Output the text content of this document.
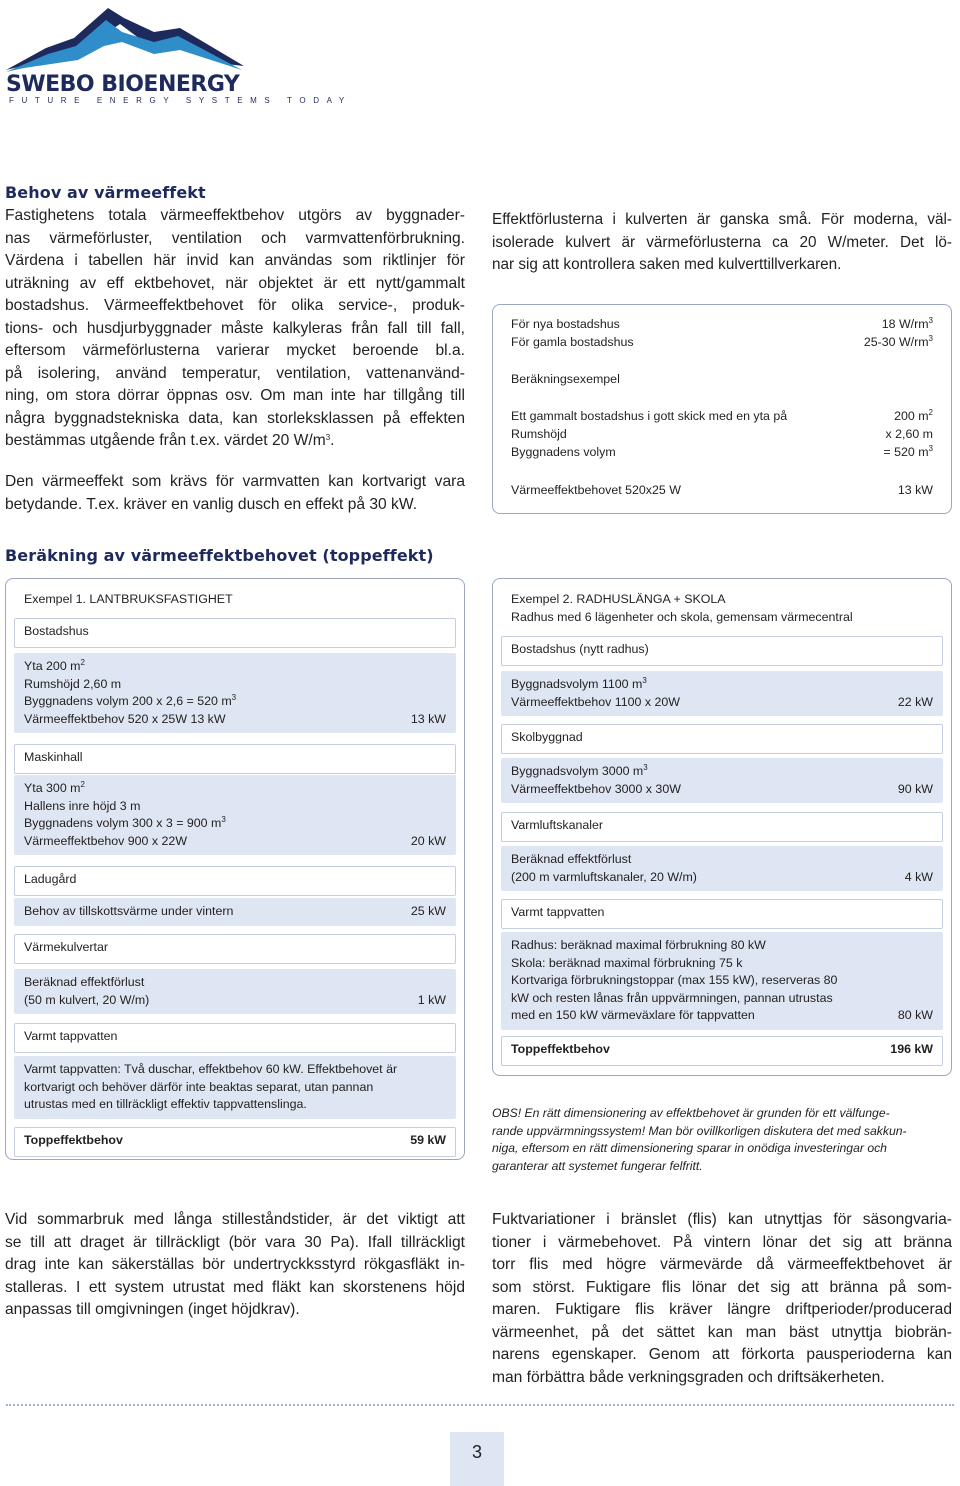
SWEBO BIOENERGY
FUTURE ENERGY SYSTEMS TODAY
Behov av värmeeffekt
Fastighetens totala värmeeffektbehov utgörs av byggnader-
nas värmeförluster, ventilation och varmvattenförbrukning.
Värdena i tabellen här invid kan användas som riktlinjer för
uträkning av eff ektbehovet, när objektet är ett nytt/gammalt
bostadshus. Värmeeffektbehovet för olika service-, produk-
tions- och husdjurbyggnader måste kalkyleras från fall till fall,
eftersom värmeförlusterna varierar mycket beroende bl.a.
på isolering, använd temperatur, ventilation, vattenanvänd-
ning, om stora dörrar öppnas osv. Om man inte har tillgång till
några byggnadstekniska data, kan storleksklassen på effekten
bestämmas utgående från t.ex. värdet 20 $W/m^3$.
Den värmeeffekt som krävs för varmvatten kan kortvarigt vara
betydande. T.ex. kräver en vanlig dusch en effekt på 30 kW.
Effektförlusterna i kulverten är ganska små. För moderna, väl-
isolerade kulvert är värmeförlusterna ca 20 W/meter. Det lö-
nar sig att kontrollera saken med kulverttillverkaren.
För nya bostadshus	18 $W/rm^3$
För gamla bostadshus	25-30 $W/rm^3$
Beräkningsexempel
Ett gammalt bostadshus i gott skick med en yta på	200 $m^2$
Rumshöjd	x 2,60 m
Byggnadens volym	= 520 $m^3$
Värmeeffektbehovet 520x25 W	13 kW
Beräkning av värmeeffektbehovet (toppeffekt)
Exempel 1. LANTBRUKSFASTIGHET
Bostadshus
Yta 200 $m^2$
Rumshöjd 2,60 m
Byggnadens volym 200 x 2,6 = 520 $m^3$
Värmeeffektbehov 520 x 25W 13 kW	13 kW
Maskinhall
Yta 300 $m^2$
Hallens inre höjd 3 m
Byggnadens volym 300 x 3 = 900 $m^3$
Värmeeffektbehov 900 x 22W	20 kW
Ladugård
Behov av tillskottsvärme under vintern	25 kW
Värmekulvertar
Beräknad effektförlust
(50 m kulvert, 20 W/m)	1 kW
Varmt tappvatten
Varmt tappvatten: Två duschar, effektbehov 60 kW. Effektbehovet är
kortvarigt och behöver därför inte beaktas separat, utan pannan
utrustas med en tillräckligt effektiv tappvattenslinga.
Toppeffektbehov	59 kW
Exempel 2. RADHUSLÄNGA + SKOLA
Radhus med 6 lägenheter och skola, gemensam värmecentral
Bostadshus (nytt radhus)
Byggnadsvolym 1100 $m^3$
Värmeeffektbehov 1100 x 20W	22 kW
Skolbyggnad
Byggnadsvolym 3000 $m^3$
Värmeeffektbehov 3000 x 30W	90 kW
Varmluftskanaler
Beräknad effektförlust
(200 m varmluftskanaler, 20 W/m)	4 kW
Varmt tappvatten
Radhus: beräknad maximal förbrukning 80 kW
Skola: beräknad maximal förbrukning 75 k
Kortvariga förbrukningstoppar (max 155 kW), reserveras 80
kW och resten lånas från uppvärmningen, pannan utrustas
med en 150 kW värmeväxlare för tappvatten	80 kW
Toppeffektbehov	196 kW
OBS! En rätt dimensionering av effektbehovet är grunden för ett välfunge-
rande uppvärmningssystem! Man bör ovillkorligen diskutera det med sakkun-
niga, eftersom en rätt dimensionering sparar in onödiga investeringar och
garanterar att systemet fungerar felfritt.
Vid sommarbruk med långa stilleståndstider, är det viktigt att
se till att draget är tillräckligt (bör vara 30 Pa). Ifall tillräckligt
drag inte kan säkerställas bör undertryckksstyrd rökgasfläkt in-
stalleras. I ett system utrustat med fläkt kan skorstenens höjd
anpassas till omgivningen (inget höjdkrav).
Fuktvariationer i bränslet (flis) kan utnyttjas för säsongvaria-
tioner i värmebehovet. På vintern lönar det sig att bränna
torr flis med högre värmevärde då värmeeffektbehovet är
som störst. Fuktigare flis lönar det sig att bränna på som-
maren. Fuktigare flis kräver längre driftperioder/producerad
värmeenhet, på det sättet kan man bäst utnyttja biobrän-
narens egenskaper. Genom att förkorta pausperioderna kan
man förbättra både verkningsgraden och driftsäkerheten.
3
